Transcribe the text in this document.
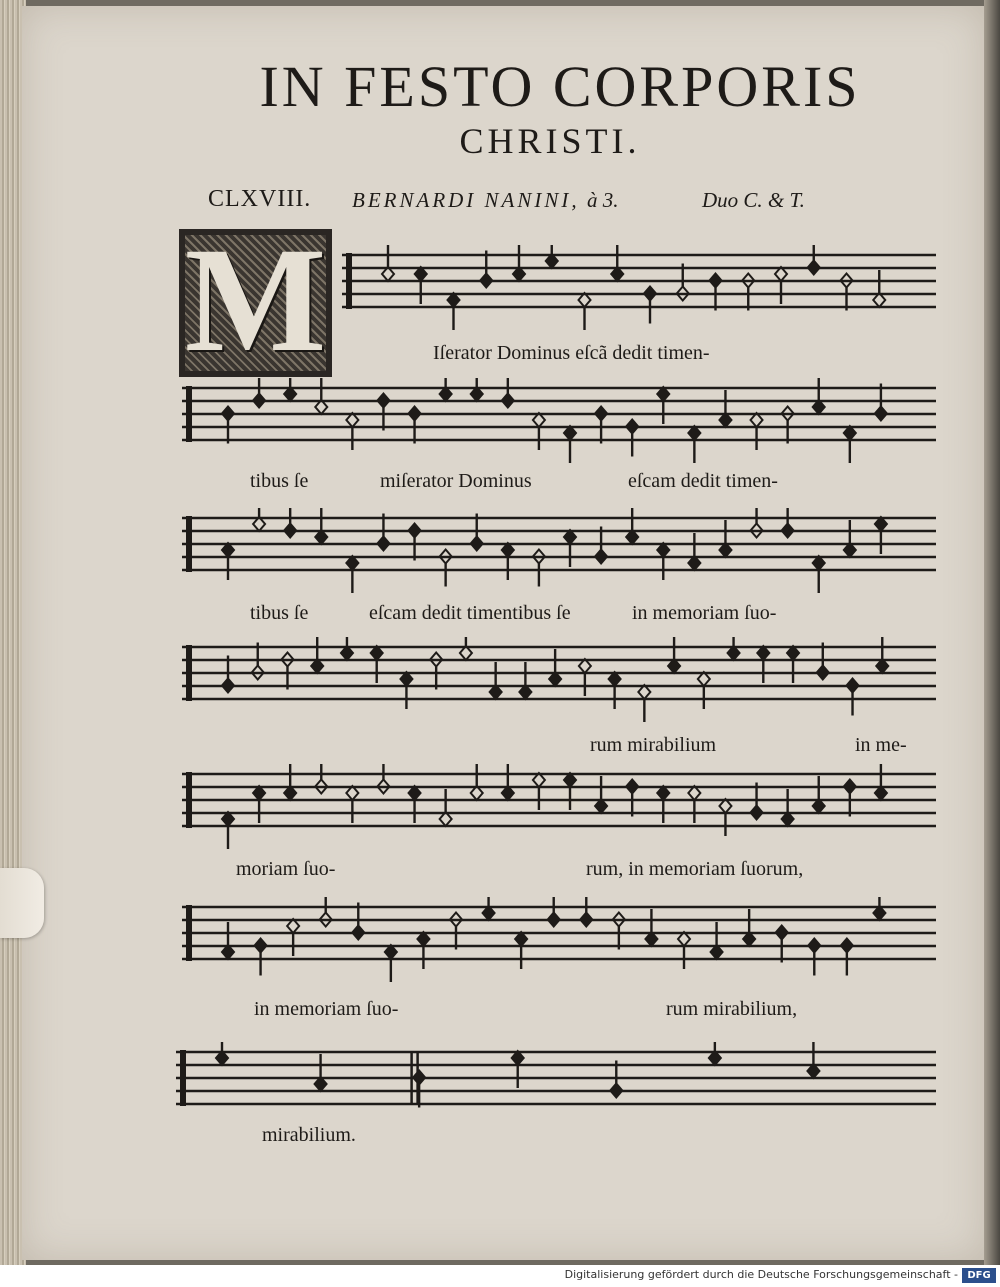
IN FESTO CORPORIS
CHRISTI.
CLXVIII. BERNARDI NANINI, à 3.	Duo C. & T.
M	Iſerator Dominus eſcã dedit timen-
tibus ſe	miſerator Dominus	eſcam dedit timen-
tibus ſe	eſcam dedit timentibus ſe	in memoriam ſuo-
rum mirabilium	in me-
moriam ſuo-	rum, in memoriam ſuorum,
in memoriam ſuo-	rum mirabilium,
mirabilium.
Digitalisierung gefördert durch die Deutsche Forschungsgemeinschaft - DFG
